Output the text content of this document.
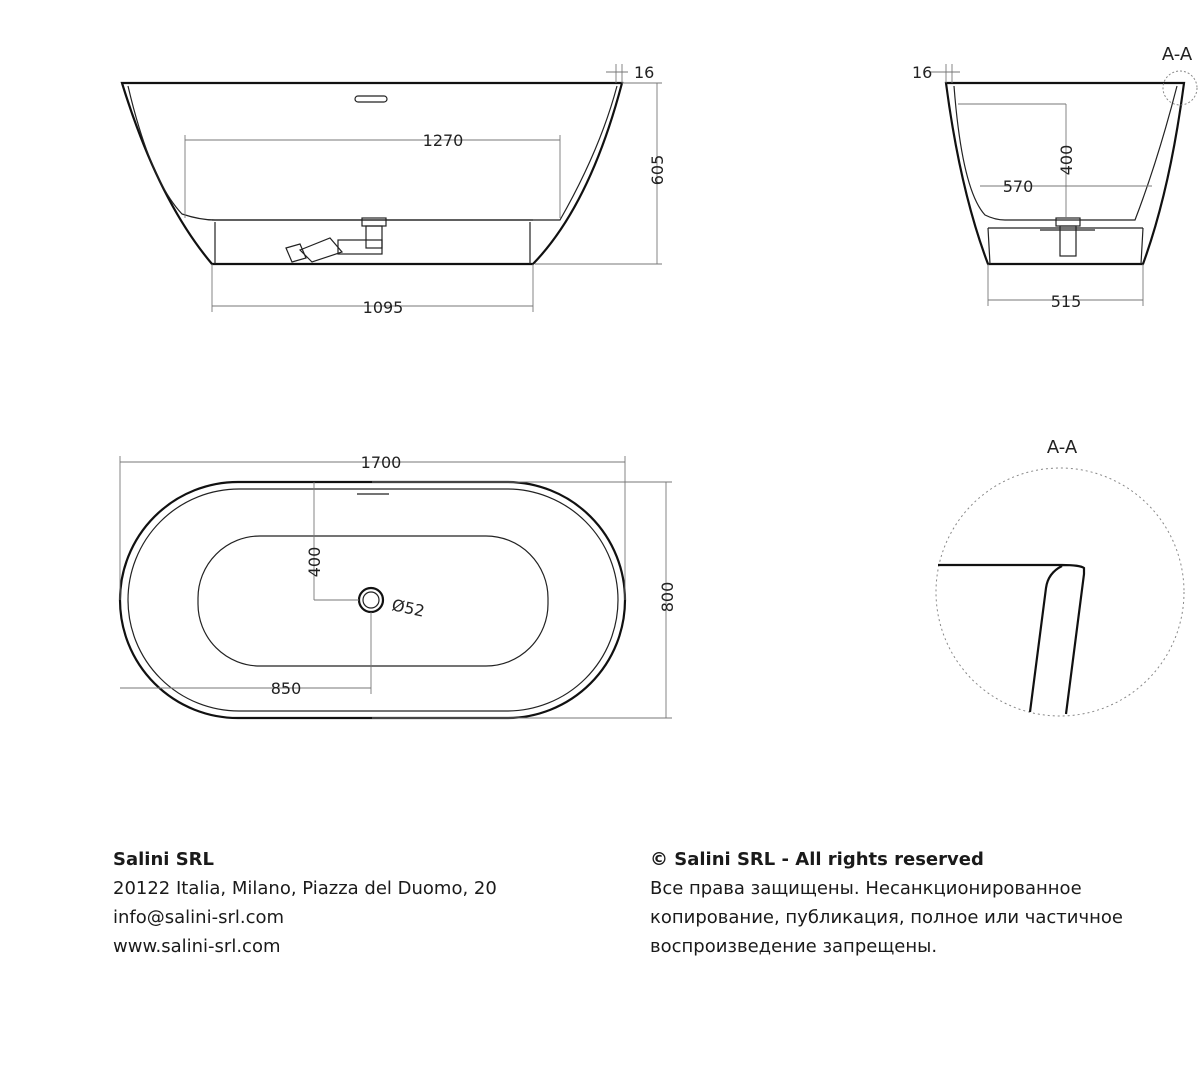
1270
1095
605
16
400
570
515
16
A-A
1700
800
400
850
Ø52
A-A
Salini SRL
20122 Italia, Milano, Piazza del Duomo, 20
info@salini-srl.com
www.salini-srl.com
© Salini SRL - All rights reserved
Все права защищены. Несанкционированное
копирование, публикация, полное или частичное
воспроизведение запрещены.
